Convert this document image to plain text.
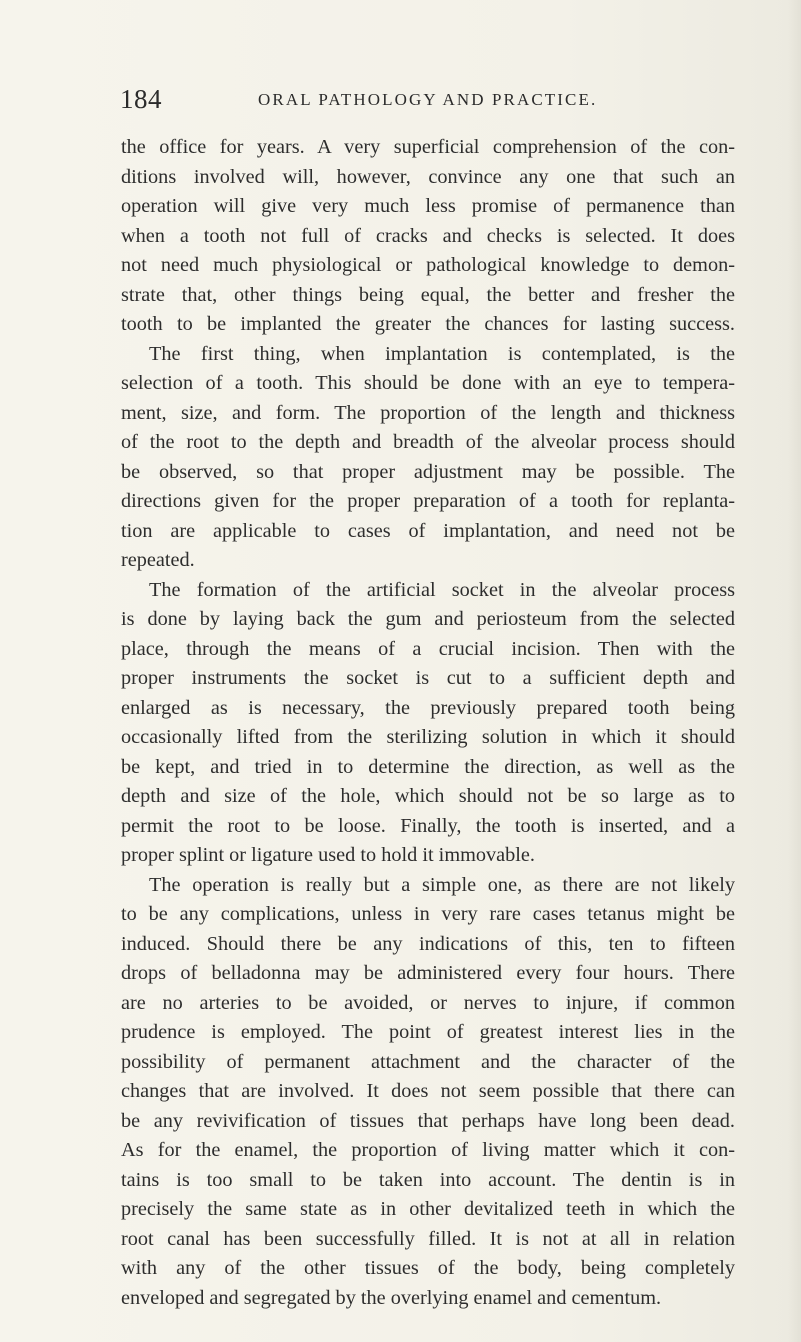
184	ORAL PATHOLOGY AND PRACTICE.
the office for years. A very superficial comprehension of the con-
ditions involved will, however, convince any one that such an
operation will give very much less promise of permanence than
when a tooth not full of cracks and checks is selected. It does
not need much physiological or pathological knowledge to demon-
strate that, other things being equal, the better and fresher the
tooth to be implanted the greater the chances for lasting success.
The first thing, when implantation is contemplated, is the
selection of a tooth. This should be done with an eye to tempera-
ment, size, and form. The proportion of the length and thickness
of the root to the depth and breadth of the alveolar process should
be observed, so that proper adjustment may be possible. The
directions given for the proper preparation of a tooth for replanta-
tion are applicable to cases of implantation, and need not be
repeated.
The formation of the artificial socket in the alveolar process
is done by laying back the gum and periosteum from the selected
place, through the means of a crucial incision. Then with the
proper instruments the socket is cut to a sufficient depth and
enlarged as is necessary, the previously prepared tooth being
occasionally lifted from the sterilizing solution in which it should
be kept, and tried in to determine the direction, as well as the
depth and size of the hole, which should not be so large as to
permit the root to be loose. Finally, the tooth is inserted, and a
proper splint or ligature used to hold it immovable.
The operation is really but a simple one, as there are not likely
to be any complications, unless in very rare cases tetanus might be
induced. Should there be any indications of this, ten to fifteen
drops of belladonna may be administered every four hours. There
are no arteries to be avoided, or nerves to injure, if common
prudence is employed. The point of greatest interest lies in the
possibility of permanent attachment and the character of the
changes that are involved. It does not seem possible that there can
be any revivification of tissues that perhaps have long been dead.
As for the enamel, the proportion of living matter which it con-
tains is too small to be taken into account. The dentin is in
precisely the same state as in other devitalized teeth in which the
root canal has been successfully filled. It is not at all in relation
with any of the other tissues of the body, being completely
enveloped and segregated by the overlying enamel and cementum.
